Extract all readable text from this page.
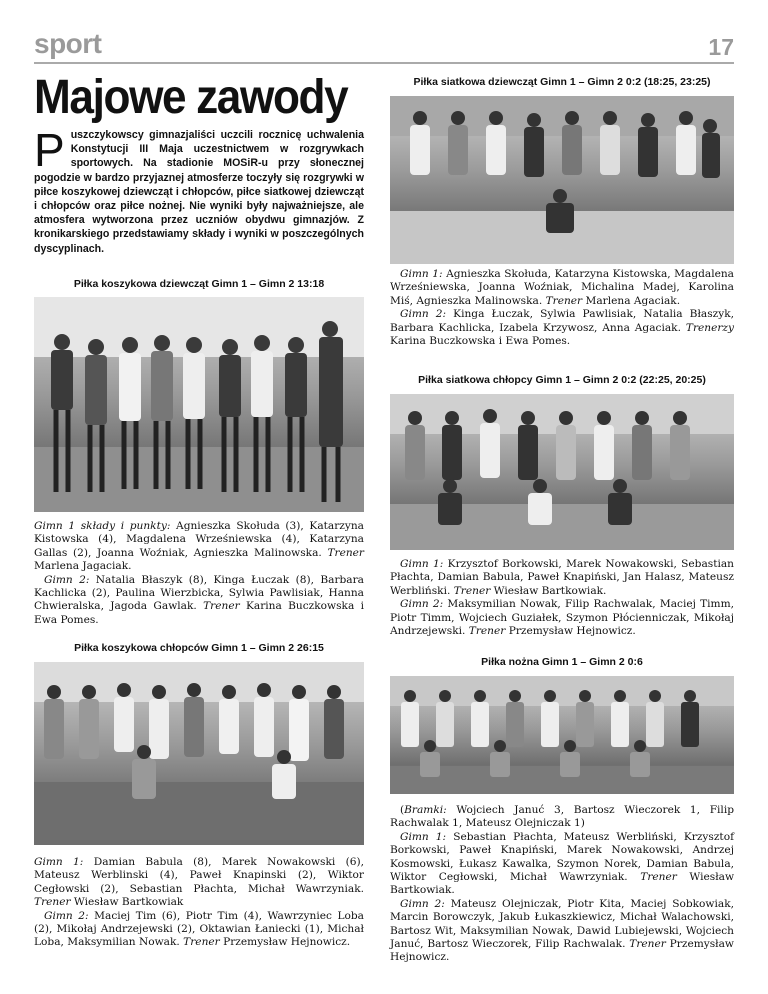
sport	17
Majowe zawody
Puszczykowscy gimnazjaliści uczcili rocznicę uchwalenia Konstytucji III Maja uczestnictwem w rozgrywkach sportowych. Na stadionie MOSiR-u przy słonecznej pogodzie w bardzo przyjaznej atmosferze toczyły się rozgrywki w piłce koszykowej dziewcząt i chłopców, piłce siatkowej dziewcząt i chłopców oraz piłce nożnej. Nie wyniki były najważniejsze, ale atmosfera wytworzona przez uczniów obydwu gimnazjów. Z kronikarskiego przedstawiamy składy i wyniki w poszczególnych dyscyplinach.
Piłka koszykowa dziewcząt Gimn 1 – Gimn 2 13:18

Gimn 1 składy i punkty: Agnieszka Skołuda (3), Katarzyna Kistowska (4), Magdalena Wrześniewska (4), Katarzyna Gallas (2), Joanna Woźniak, Agnieszka Malinowska. Trener Marlena Jagaciak.

Gimn 2: Natalia Błaszyk (8), Kinga Łuczak (8), Barbara Kachlicka (2), Paulina Wierzbicka, Sylwia Pawlisiak, Hanna Chwieralska, Jagoda Gawlak. Trener Karina Buczkowska i Ewa Pomes.

Piłka koszykowa chłopców Gimn 1 – Gimn 2 26:15

Gimn 1: Damian Babula (8), Marek Nowakowski (6), Mateusz Werblinski (4), Paweł Knapinski (2), Wiktor Cegłowski (2), Sebastian Płachta, Michał Wawrzyniak. Trener Wiesław Bartkowiak

Gimn 2: Maciej Tim (6), Piotr Tim (4), Wawrzyniec Loba (2), Mikołaj Andrzejewski (2), Oktawian Łaniecki (1), Michał Loba, Maksymilian Nowak. Trener Przemysław Hejnowicz.

Piłka siatkowa dziewcząt Gimn 1 – Gimn 2 0:2 (18:25, 23:25)

Gimn 1: Agnieszka Skołuda, Katarzyna Kistowska, Magdalena Wrześniewska, Joanna Woźniak, Michalina Madej, Karolina Miś, Agnieszka Malinowska. Trener Marlena Agaciak.

Gimn 2: Kinga Łuczak, Sylwia Pawlisiak, Natalia Błaszyk, Barbara Kachlicka, Izabela Krzywosz, Anna Agaciak. Trenerzy Karina Buczkowska i Ewa Pomes.

Piłka siatkowa chłopcy Gimn 1 – Gimn 2 0:2 (22:25, 20:25)

Gimn 1: Krzysztof Borkowski, Marek Nowakowski, Sebastian Płachta, Damian Babula, Paweł Knapiński, Jan Halasz, Mateusz Werbliński. Trener Wiesław Bartkowiak.

Gimn 2: Maksymilian Nowak, Filip Rachwalak, Maciej Timm, Piotr Timm, Wojciech Guziałek, Szymon Płócienniczak, Mikołaj Andrzejewski. Trener Przemysław Hejnowicz.

Piłka nożna Gimn 1 – Gimn 2 0:6

(Bramki: Wojciech Januć 3, Bartosz Wieczorek 1, Filip Rachwalak 1, Mateusz Olejniczak 1)

Gimn 1: Sebastian Płachta, Mateusz Werbliński, Krzysztof Borkowski, Paweł Knapiński, Marek Nowakowski, Andrzej Kosmowski, Łukasz Kawalka, Szymon Norek, Damian Babula, Wiktor Cegłowski, Michał Wawrzyniak. Trener Wiesław Bartkowiak.

Gimn 2: Mateusz Olejniczak, Piotr Kita, Maciej Sobkowiak, Marcin Borowczyk, Jakub Łukaszkiewicz, Michał Walachowski, Bartosz Wit, Maksymilian Nowak, Dawid Lubiejewski, Wojciech Januć, Bartosz Wieczorek, Filip Rachwalak. Trener Przemysław Hejnowicz.
